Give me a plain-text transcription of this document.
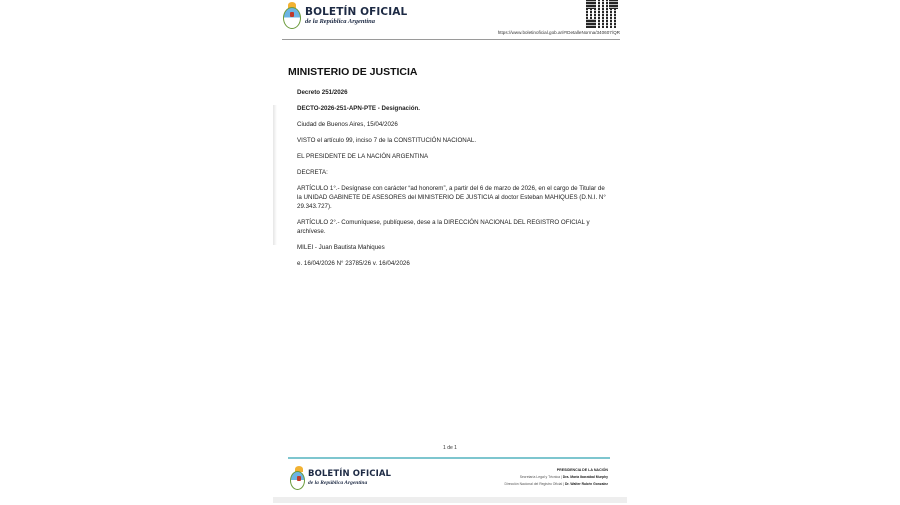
BOLETÍN OFICIAL
de la República Argentina
https://www.boletinoficial.gob.ar/#!DetalleNorma/340607/QR
MINISTERIO DE JUSTICIA
Decreto 251/2026
DECTO-2026-251-APN-PTE - Designación.
Ciudad de Buenos Aires, 15/04/2026
VISTO el artículo 99, inciso 7 de la CONSTITUCIÓN NACIONAL.
EL PRESIDENTE DE LA NACIÓN ARGENTINA
DECRETA:
ARTÍCULO 1°.- Desígnase con carácter “ad honorem”, a partir del 6 de marzo de 2026, en el cargo de Titular de la UNIDAD GABINETE DE ASESORES del MINISTERIO DE JUSTICIA al doctor Esteban MAHIQUES (D.N.I. N° 29.343.727).
ARTÍCULO 2°.- Comuníquese, publíquese, dese a la DIRECCIÓN NACIONAL DEL REGISTRO OFICIAL y archívese.
MILEI - Juan Bautista Mahiques
e. 16/04/2026 N° 23785/26 v. 16/04/2026
1 de 1
BOLETÍN OFICIAL
de la República Argentina
PRESIDENCIA DE LA NACIÓN
Secretaría Legal y Técnica | Dra. María Ibarzábal Murphy
Dirección Nacional del Registro Oficial | Dr. Walter Rubén Gonzalez
